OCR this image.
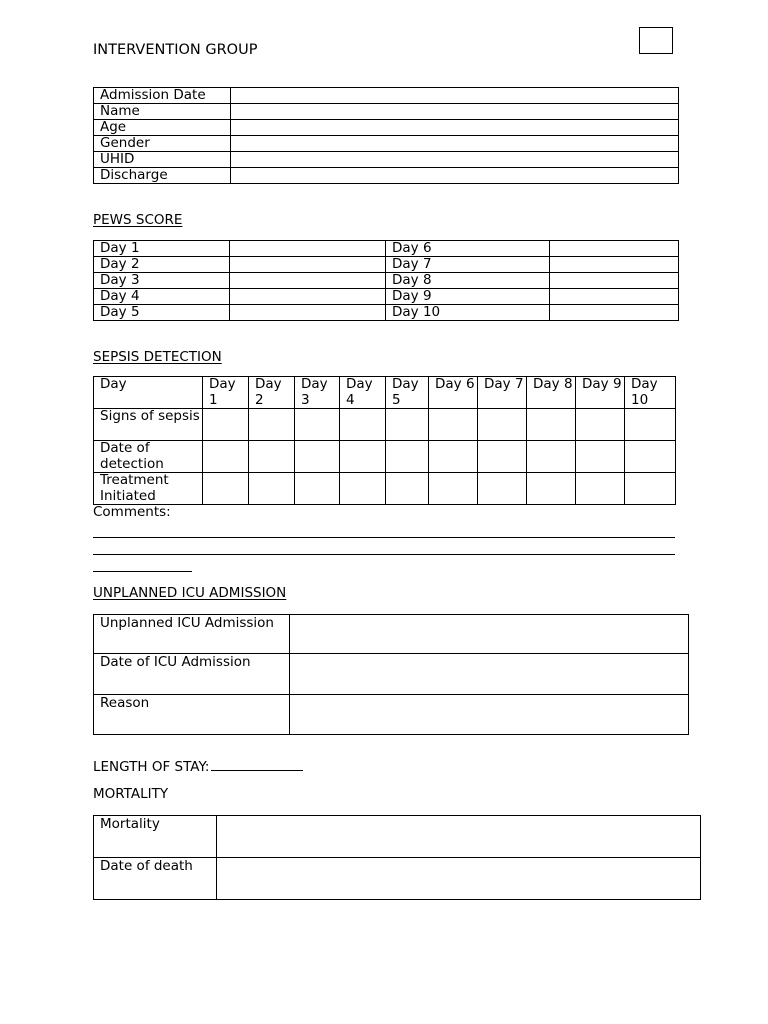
INTERVENTION GROUP
Admission Date	
Name	
Age	
Gender	
UHID	
Discharge	
PEWS SCORE
Day 1		Day 6	
Day 2		Day 7	
Day 3		Day 8	
Day 4		Day 9	
Day 5		Day 10	
SEPSIS DETECTION
Day	Day 1	Day 2	Day 3	Day 4	Day 5	Day 6	Day 7	Day 8	Day 9	Day 10
Signs of sepsis										
Date of detection										
Treatment Initiated										
Comments:
UNPLANNED ICU ADMISSION
Unplanned ICU Admission	
Date of ICU Admission	
Reason	
LENGTH OF STAY:
MORTALITY
Mortality	
Date of death	
